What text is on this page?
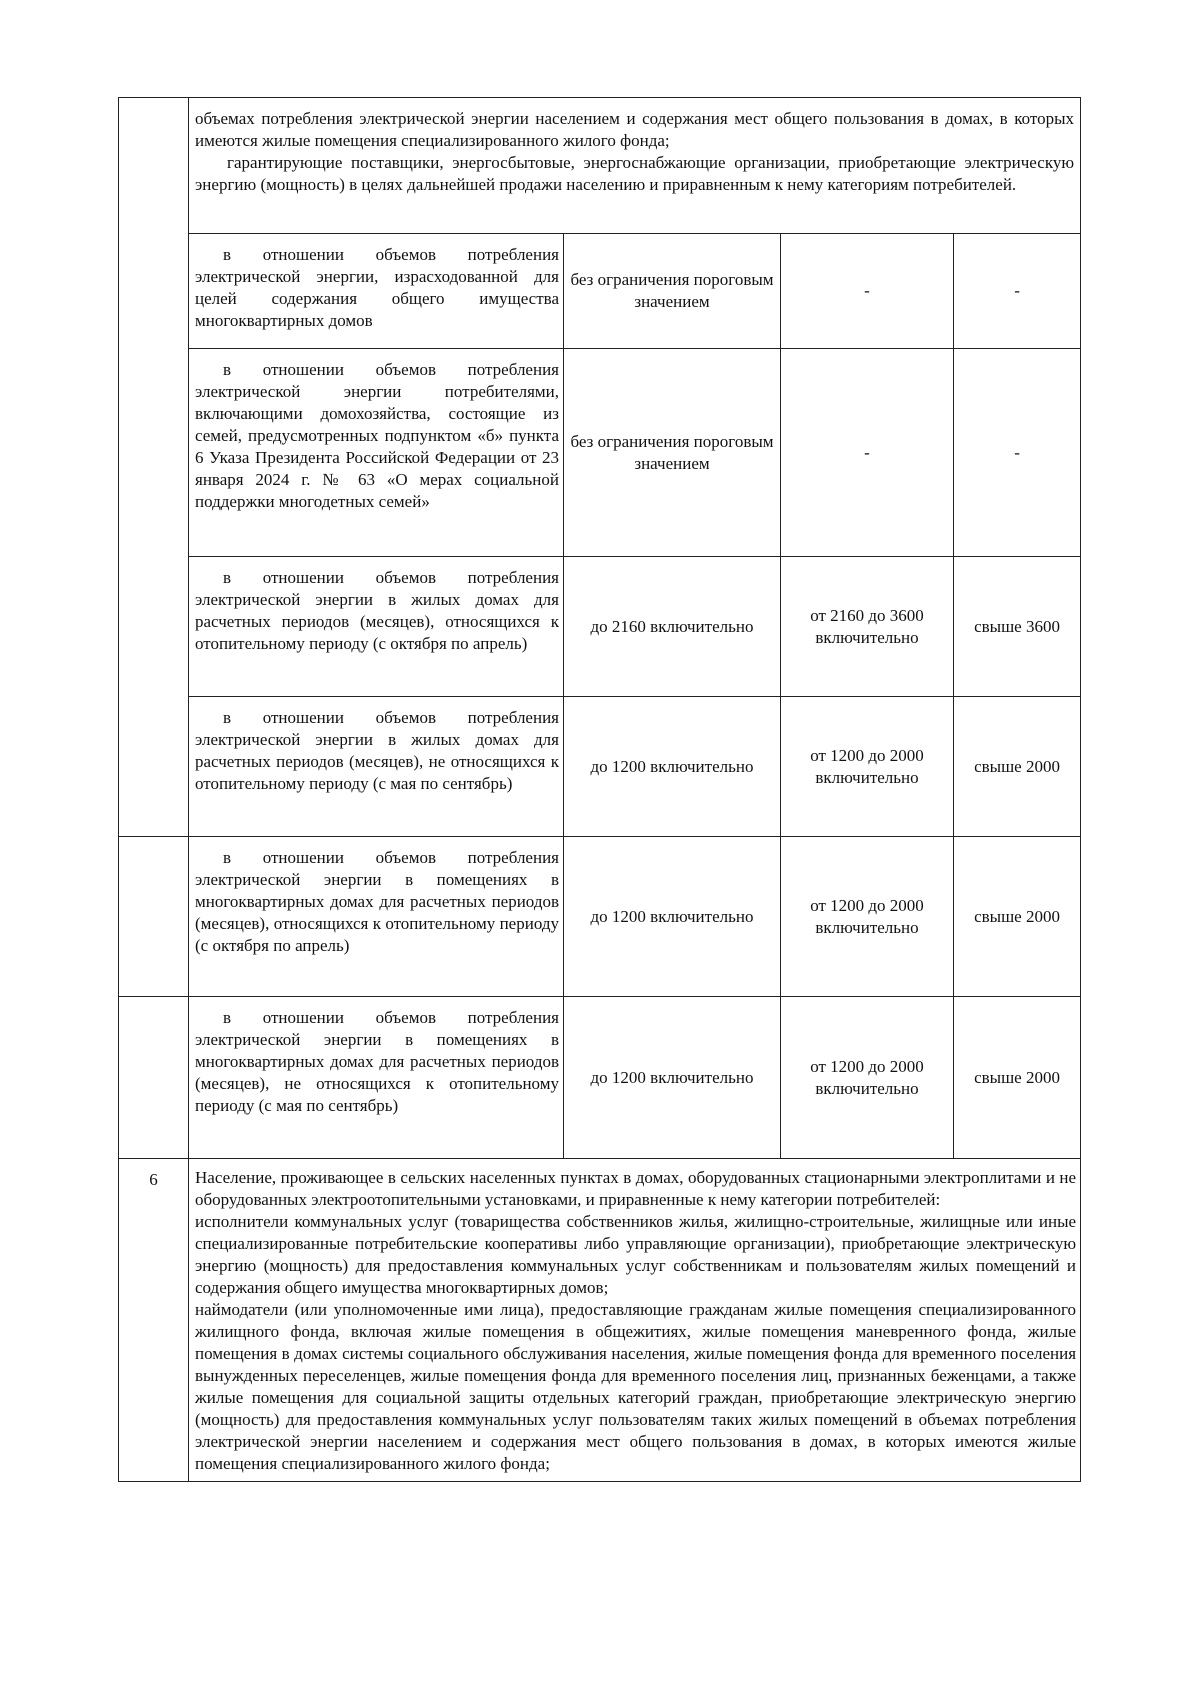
	объемах потребления электрической энергии населением и содержания мест общего пользования в домах, в которых имеются жилые помещения специализированного жилого фонда;

гарантирующие поставщики, энергосбытовые, энергоснабжающие организации, приобретающие электрическую энергию (мощность) в целях дальнейшей продажи населению и приравненным к нему категориям потребителей.			

	в отношении объемов потребления электрической энергии, израсходованной для целей содержания общего имущества многоквартирных домов	без ограничения пороговым значением	-	-

	в отношении объемов потребления электрической энергии потребителями, включающими домохозяйства, состоящие из семей, предусмотренных подпунктом «б» пункта 6 Указа Президента Российской Федерации от 23 января 2024 г. № 63 «О мерах социальной поддержки многодетных семей»	без ограничения пороговым значением	-	-

	в отношении объемов потребления электрической энергии в жилых домах для расчетных периодов (месяцев), относящихся к отопительному периоду (с октября по апрель)	до 2160 включительно	от 2160 до 3600 включительно	свыше 3600

	в отношении объемов потребления электрической энергии в жилых домах для расчетных периодов (месяцев), не относящихся к отопительному периоду (с мая по сентябрь)	до 1200 включительно	от 1200 до 2000 включительно	свыше 2000

	в отношении объемов потребления электрической энергии в помещениях в многоквартирных домах для расчетных периодов (месяцев), относящихся к отопительному периоду (с октября по апрель)	до 1200 включительно	от 1200 до 2000 включительно	свыше 2000

	в отношении объемов потребления электрической энергии в помещениях в многоквартирных домах для расчетных периодов (месяцев), не относящихся к отопительному периоду (с мая по сентябрь)	до 1200 включительно	от 1200 до 2000 включительно	свыше 2000
6	Население, проживающее в сельских населенных пунктах в домах, оборудованных стационарными электроплитами и не оборудованных электроотопительными установками, и приравненные к нему категории потребителей:

исполнители коммунальных услуг (товарищества собственников жилья, жилищно-строительные, жилищные или иные специализированные потребительские кооперативы либо управляющие организации), приобретающие электрическую энергию (мощность) для предоставления коммунальных услуг собственникам и пользователям жилых помещений и содержания общего имущества многоквартирных домов;

наймодатели (или уполномоченные ими лица), предоставляющие гражданам жилые помещения специализированного жилищного фонда, включая жилые помещения в общежитиях, жилые помещения маневренного фонда, жилые помещения в домах системы социального обслуживания населения, жилые помещения фонда для временного поселения вынужденных переселенцев, жилые помещения фонда для временного поселения лиц, признанных беженцами, а также жилые помещения для социальной защиты отдельных категорий граждан, приобретающие электрическую энергию (мощность) для предоставления коммунальных услуг пользователям таких жилых помещений в объемах потребления электрической энергии населением и содержания мест общего пользования в домах, в которых имеются жилые помещения специализированного жилого фонда;			
